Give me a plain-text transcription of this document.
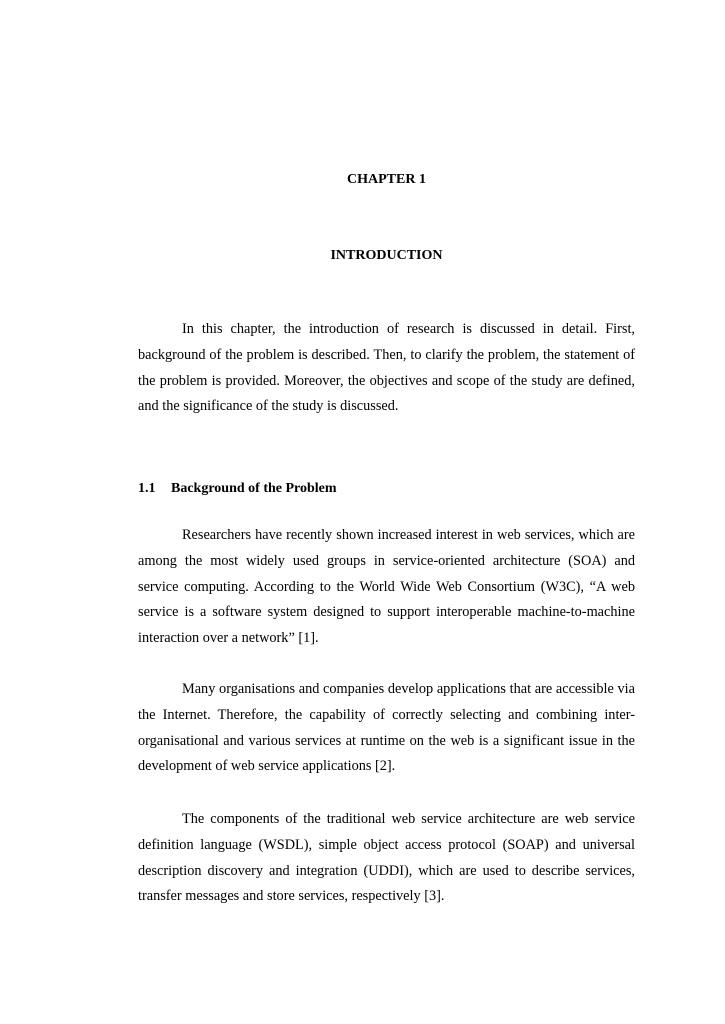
CHAPTER 1
INTRODUCTION

In this chapter, the introduction of research is discussed in detail. First, background of the problem is described. Then, to clarify the problem, the statement of the problem is provided. Moreover, the objectives and scope of the study are defined, and the significance of the study is discussed.

1.1 Background of the Problem

Researchers have recently shown increased interest in web services, which are among the most widely used groups in service-oriented architecture (SOA) and service computing. According to the World Wide Web Consortium (W3C), “A web service is a software system designed to support interoperable machine-to-machine interaction over a network” [1].

Many organisations and companies develop applications that are accessible via the Internet. Therefore, the capability of correctly selecting and combining inter-organisational and various services at runtime on the web is a significant issue in the development of web service applications [2].

The components of the traditional web service architecture are web service definition language (WSDL), simple object access protocol (SOAP) and universal description discovery and integration (UDDI), which are used to describe services, transfer messages and store services, respectively [3].
